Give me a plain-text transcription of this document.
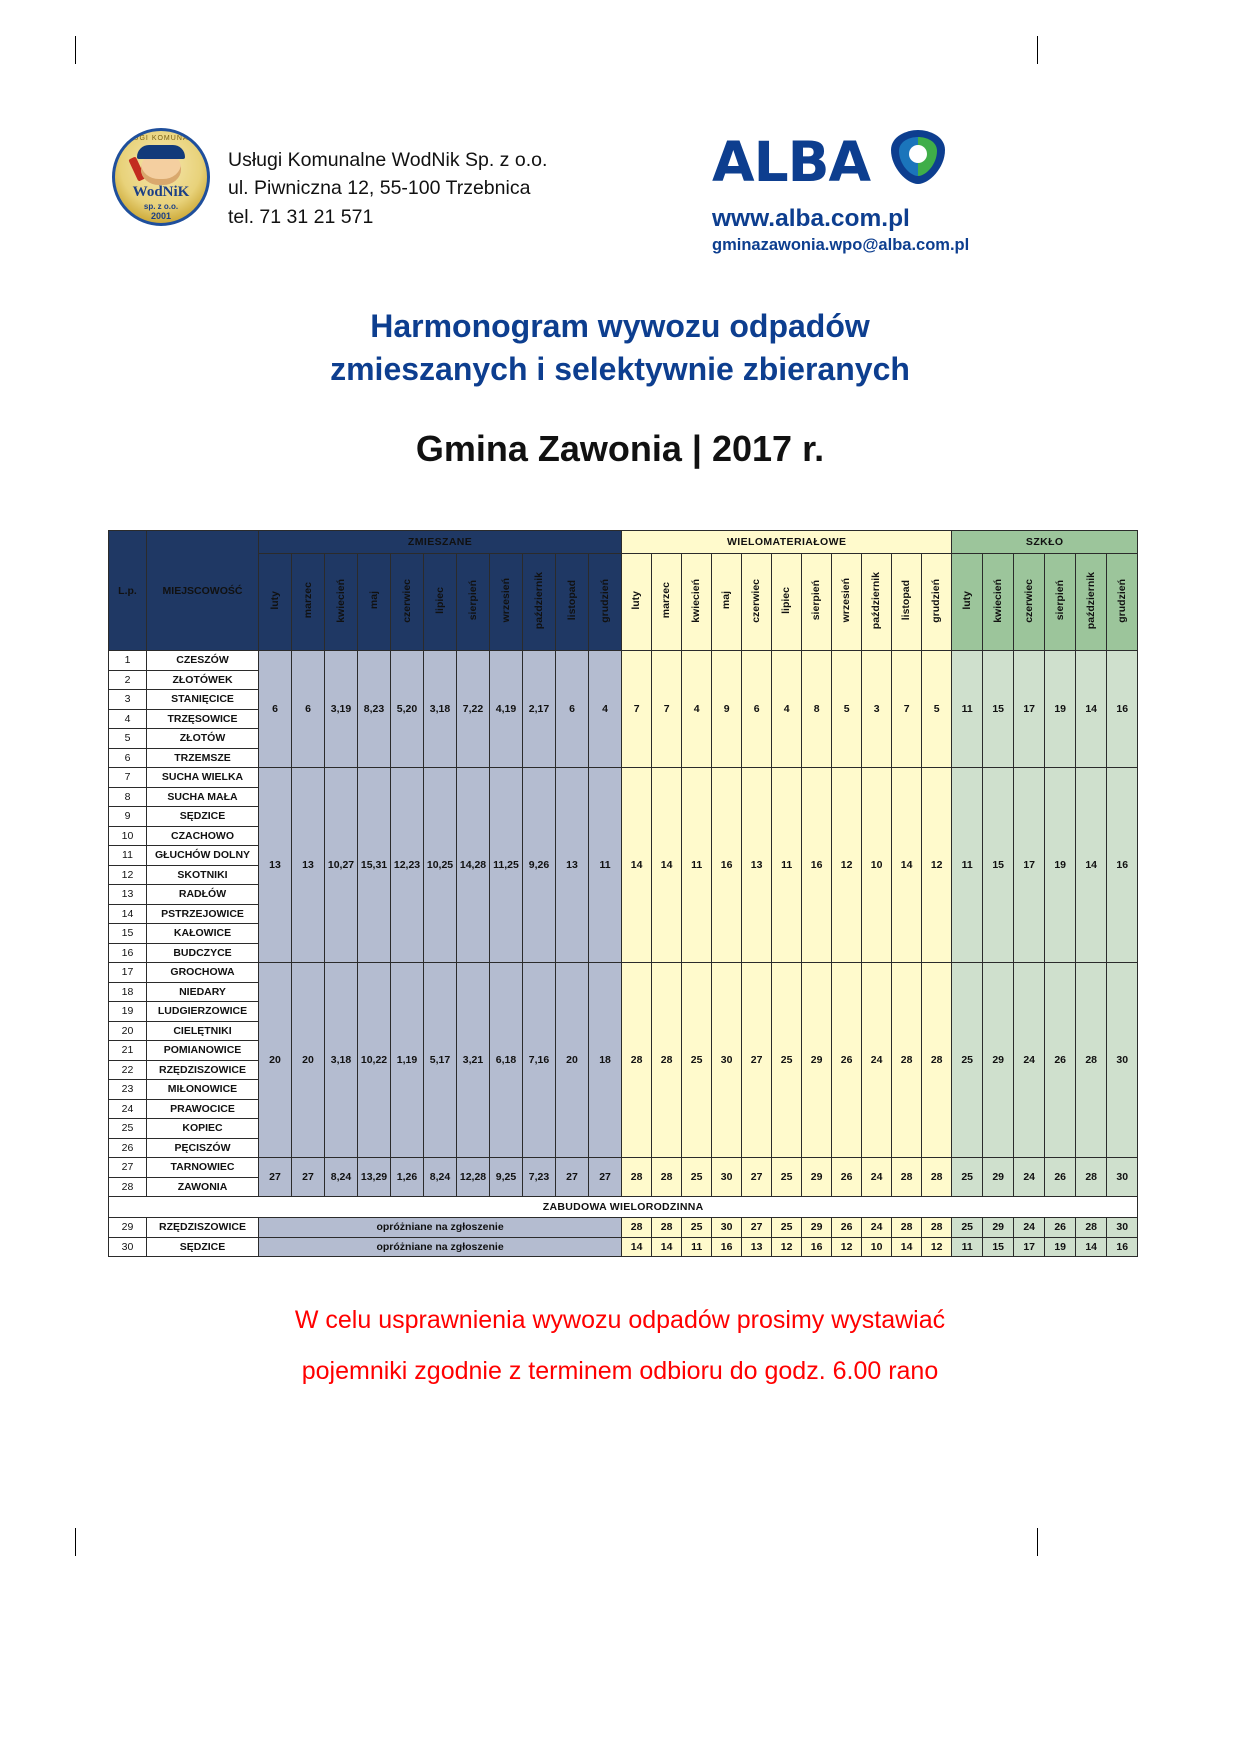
USŁUGI KOMUNALNE
WodNiK
sp. z o.o.
2001
Usługi Komunalne WodNik Sp. z o.o.
ul. Piwniczna 12, 55-100 Trzebnica
tel. 71 31 21 571
ALBA
www.alba.com.pl
gminazawonia.wpo@alba.com.pl
Harmonogram wywozu odpadów
zmieszanych i selektywnie zbieranych
Gmina Zawonia | 2017 r.
L.p.	MIEJSCOWOŚĆ	ZMIESZANE											WIELOMATERIAŁOWE											SZKŁO					
		luty	marzec	kwiecień	maj	czerwiec	lipiec	sierpień	wrzesień	październik	listopad	grudzień	luty	marzec	kwiecień	maj	czerwiec	lipiec	sierpień	wrzesień	październik	listopad	grudzień	luty	kwiecień	czerwiec	sierpień	październik	grudzień
1	CZESZÓW	6	6	3,19	8,23	5,20	3,18	7,22	4,19	2,17	6	4	7	7	4	9	6	4	8	5	3	7	5	11	15	17	19	14	16
2	ZŁOTÓWEK																												
3	STANIĘCICE																												
4	TRZĘSOWICE																												
5	ZŁOTÓW																												
6	TRZEMSZE																												
7	SUCHA WIELKA	13	13	10,27	15,31	12,23	10,25	14,28	11,25	9,26	13	11	14	14	11	16	13	11	16	12	10	14	12	11	15	17	19	14	16
8	SUCHA MAŁA																												
9	SĘDZICE																												
10	CZACHOWO																												
11	GŁUCHÓW DOLNY																												
12	SKOTNIKI																												
13	RADŁÓW																												
14	PSTRZEJOWICE																												
15	KAŁOWICE																												
16	BUDCZYCE																												
17	GROCHOWA	20	20	3,18	10,22	1,19	5,17	3,21	6,18	7,16	20	18	28	28	25	30	27	25	29	26	24	28	28	25	29	24	26	28	30
18	NIEDARY																												
19	LUDGIERZOWICE																												
20	CIELĘTNIKI																												
21	POMIANOWICE																												
22	RZĘDZISZOWICE																												
23	MIŁONOWICE																												
24	PRAWOCICE																												
25	KOPIEC																												
26	PĘCISZÓW																												
27	TARNOWIEC	27	27	8,24	13,29	1,26	8,24	12,28	9,25	7,23	27	27	28	28	25	30	27	25	29	26	24	28	28	25	29	24	26	28	30
28	ZAWONIA																												
ZABUDOWA WIELORODZINNA																													
29	RZĘDZISZOWICE	opróżniane na zgłoszenie											28	28	25	30	27	25	29	26	24	28	28	25	29	24	26	28	30
30	SĘDZICE	opróżniane na zgłoszenie											14	14	11	16	13	12	16	12	10	14	12	11	15	17	19	14	16
W celu usprawnienia wywozu odpadów prosimy wystawiać
pojemniki zgodnie z terminem odbioru do godz. 6.00 rano
